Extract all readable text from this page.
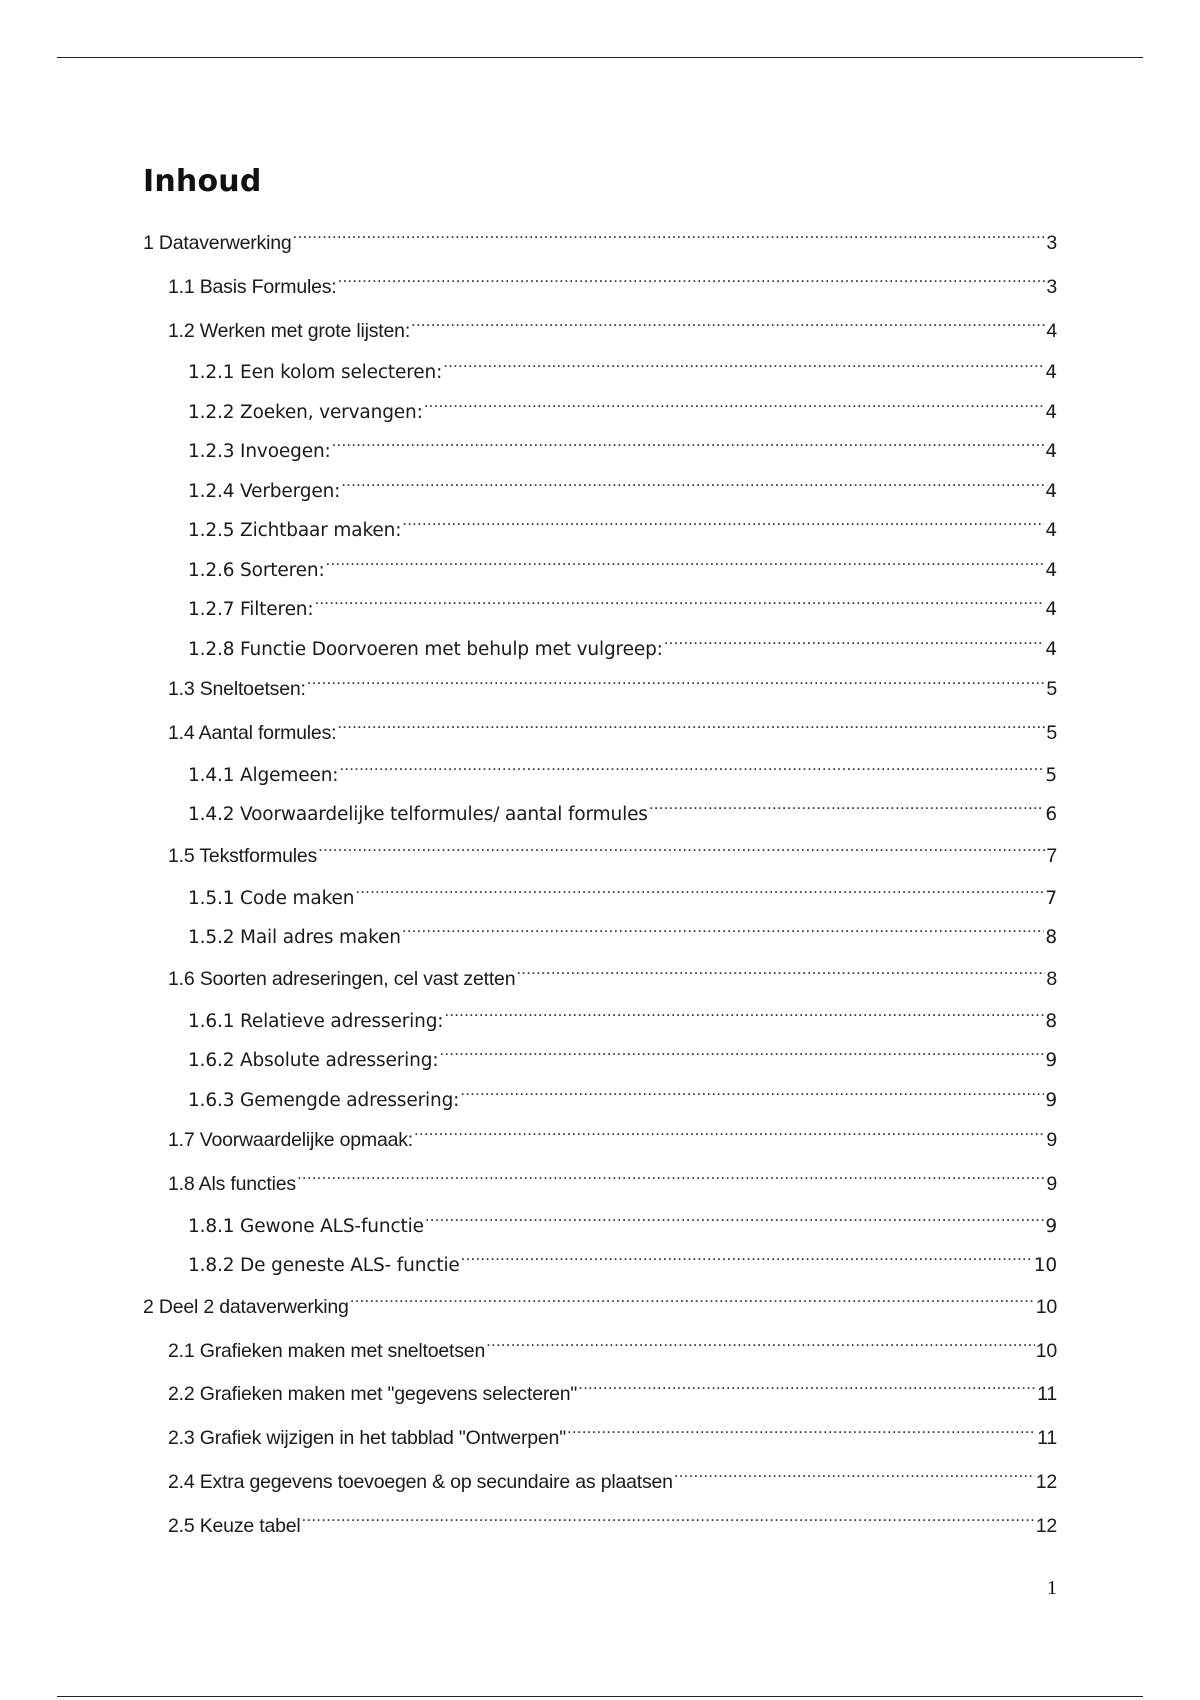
Inhoud
1 Dataverwerking .....	3
1.1 Basis Formules: .....	3
1.2 Werken met grote lijsten: .....	4
1.2.1 Een kolom selecteren: .....	4
1.2.2 Zoeken, vervangen: .....	4
1.2.3 Invoegen: .....	4
1.2.4 Verbergen: .....	4
1.2.5 Zichtbaar maken: .....	4
1.2.6 Sorteren: .....	4
1.2.7 Filteren: .....	4
1.2.8 Functie Doorvoeren met behulp met vulgreep: .....	4
1.3 Sneltoetsen: .....	5
1.4 Aantal formules: .....	5
1.4.1 Algemeen: .....	5
1.4.2 Voorwaardelijke telformules/ aantal formules .....	6
1.5 Tekstformules .....	7
1.5.1 Code maken .....	7
1.5.2 Mail adres maken .....	8
1.6 Soorten adreseringen, cel vast zetten .....	8
1.6.1 Relatieve adressering: .....	8
1.6.2 Absolute adressering: .....	9
1.6.3 Gemengde adressering: .....	9
1.7 Voorwaardelijke opmaak: .....	9
1.8 Als functies .....	9
1.8.1 Gewone ALS-functie .....	9
1.8.2 De geneste ALS- functie .....	10
2 Deel 2 dataverwerking .....	10
2.1 Grafieken maken met sneltoetsen .....	10
2.2 Grafieken maken met "gegevens selecteren" .....	11
2.3 Grafiek wijzigen in het tabblad "Ontwerpen" .....	11
2.4 Extra gegevens toevoegen & op secundaire as plaatsen .....	12
2.5 Keuze tabel .....	12
1
